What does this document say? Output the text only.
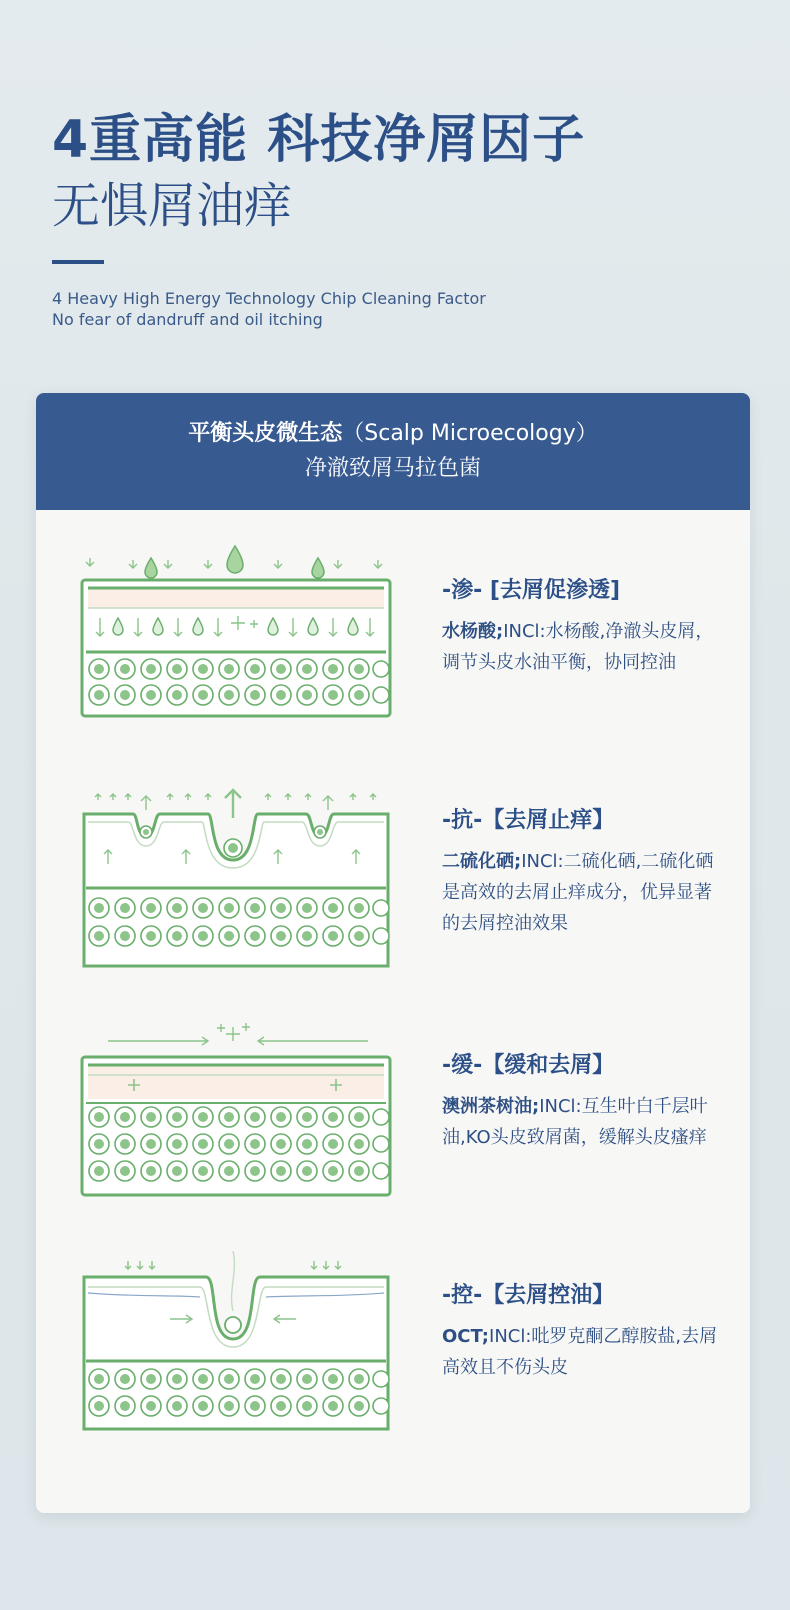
4重高能 科技净屑因子
无惧屑油痒
4 Heavy High Energy Technology Chip Cleaning Factor
No fear of dandruff and oil itching
平衡头皮微生态（Scalp Microecology）
净澈致屑马拉色菌
-渗- [去屑促渗透]
水杨酸;INCl:水杨酸,净澈头皮屑，调节头皮水油平衡，协同控油
-抗-【去屑止痒】
二硫化硒;INCl:二硫化硒,二硫化硒是高效的去屑止痒成分，优异显著的去屑控油效果
-缓-【缓和去屑】
澳洲茶树油;INCl:互生叶白千层叶油,KO头皮致屑菌，缓解头皮瘙痒
-控-【去屑控油】
OCT;INCl:吡罗克酮乙醇胺盐,去屑高效且不伤头皮
